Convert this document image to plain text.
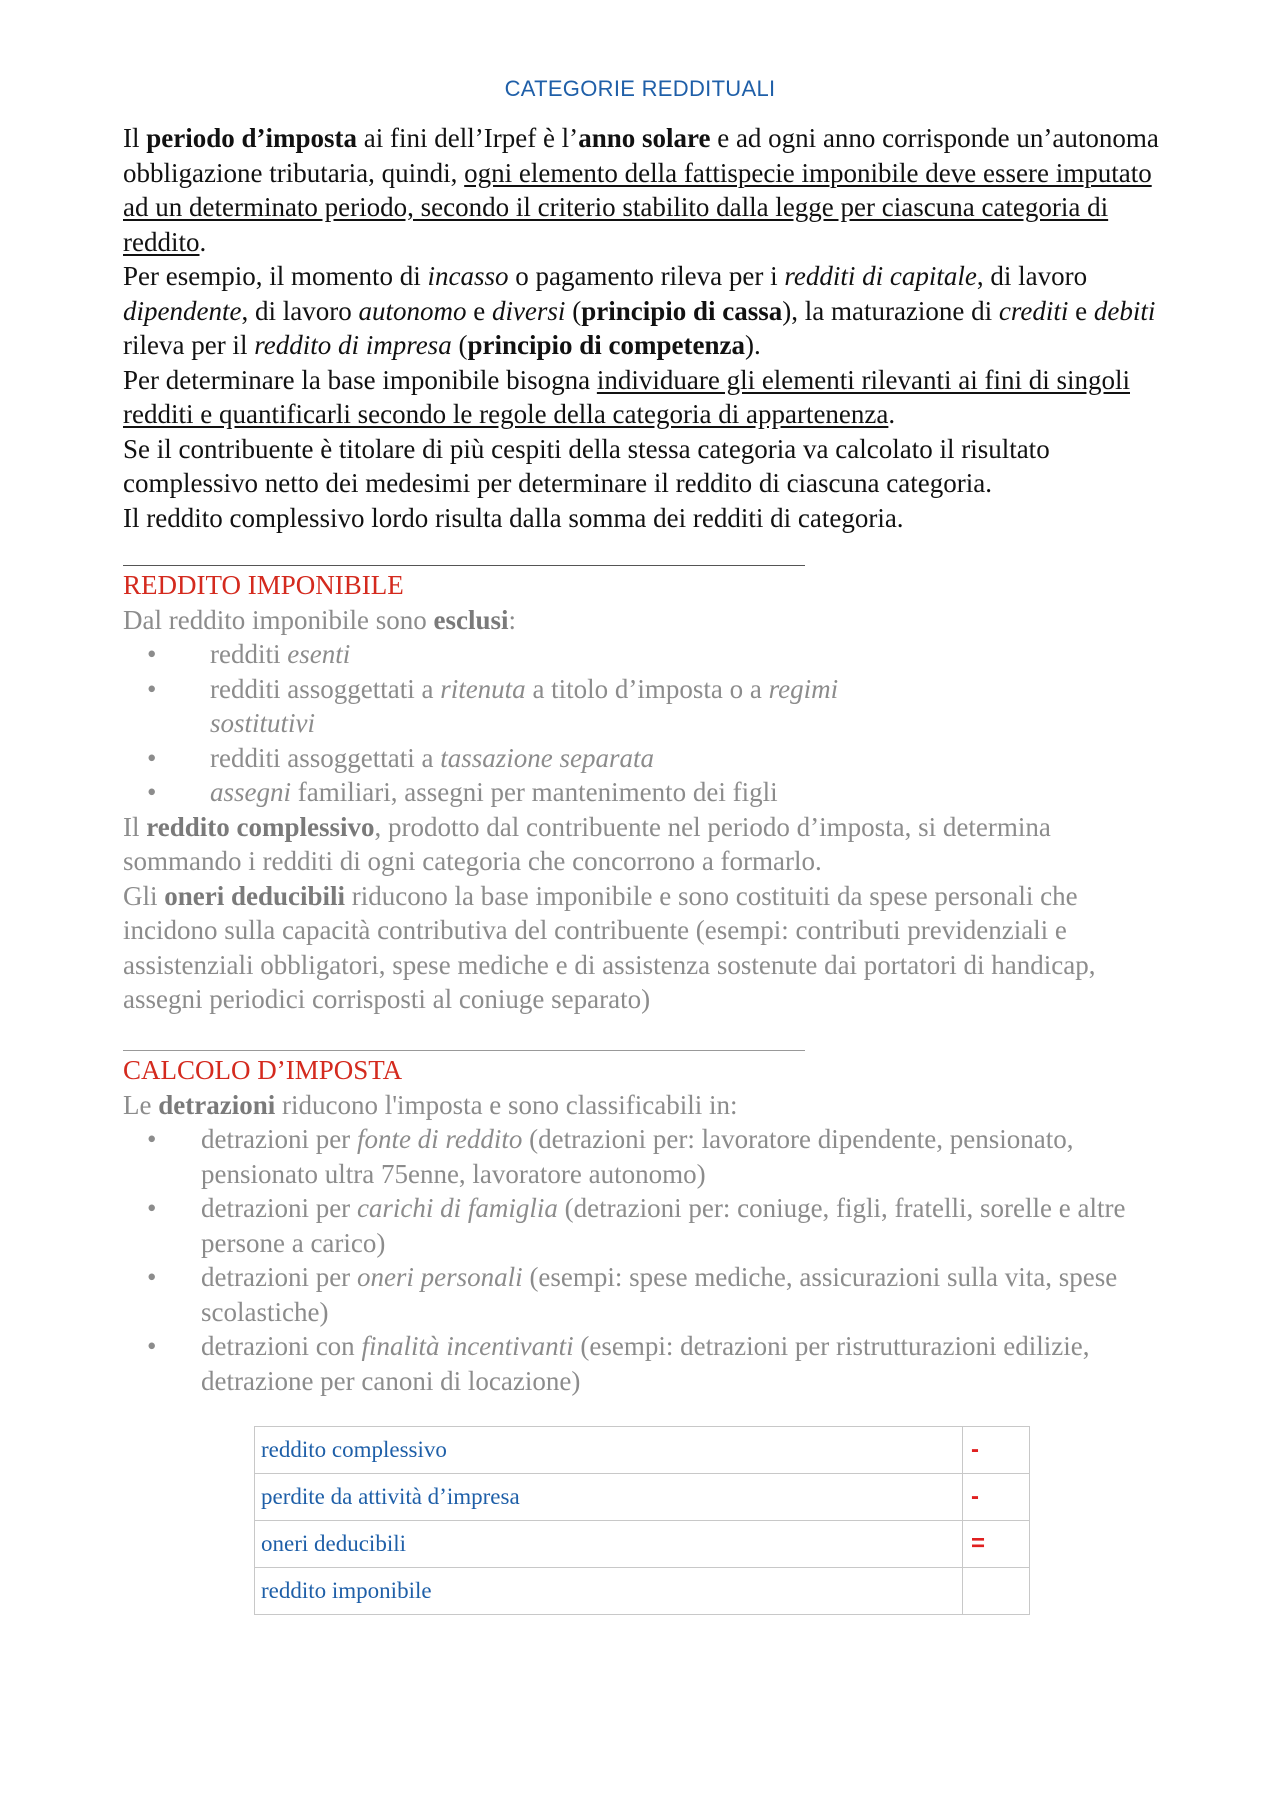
CATEGORIE REDDITUALI

Il periodo d’imposta ai fini dell’Irpef è l’anno solare e ad ogni anno corrisponde un’autonoma obbligazione tributaria, quindi, ogni elemento della fattispecie imponibile deve essere imputato ad un determinato periodo, secondo il criterio stabilito dalla legge per ciascuna categoria di reddito.

Per esempio, il momento di incasso o pagamento rileva per i redditi di capitale, di lavoro dipendente, di lavoro autonomo e diversi (principio di cassa), la maturazione di crediti e debiti rileva per il reddito di impresa (principio di competenza).

Per determinare la base imponibile bisogna individuare gli elementi rilevanti ai fini di singoli redditi e quantificarli secondo le regole della categoria di appartenenza.

Se il contribuente è titolare di più cespiti della stessa categoria va calcolato il risultato complessivo netto dei medesimi per determinare il reddito di ciascuna categoria.

Il reddito complessivo lordo risulta dalla somma dei redditi di categoria.

REDDITO IMPONIBILE

Dal reddito imponibile sono esclusi:

• redditi esenti
• redditi assoggettati a ritenuta a titolo d’imposta o a regimi sostitutivi
• redditi assoggettati a tassazione separata
• assegni familiari, assegni per mantenimento dei figli

Il reddito complessivo, prodotto dal contribuente nel periodo d’imposta, si determina sommando i redditi di ogni categoria che concorrono a formarlo.

Gli oneri deducibili riducono la base imponibile e sono costituiti da spese personali che incidono sulla capacità contributiva del contribuente (esempi: contributi previdenziali e assistenziali obbligatori, spese mediche e di assistenza sostenute dai portatori di handicap, assegni periodici corrisposti al coniuge separato)

CALCOLO D’IMPOSTA

Le detrazioni riducono l'imposta e sono classificabili in:

• detrazioni per fonte di reddito (detrazioni per: lavoratore dipendente, pensionato, pensionato ultra 75enne, lavoratore autonomo)
• detrazioni per carichi di famiglia (detrazioni per: coniuge, figli, fratelli, sorelle e altre persone a carico)
• detrazioni per oneri personali (esempi: spese mediche, assicurazioni sulla vita, spese scolastiche)
• detrazioni con finalità incentivanti (esempi: detrazioni per ristrutturazioni edilizie, detrazione per canoni di locazione)
reddito complessivo	-
perdite da attività d’impresa	-
oneri deducibili	=
reddito imponibile	
